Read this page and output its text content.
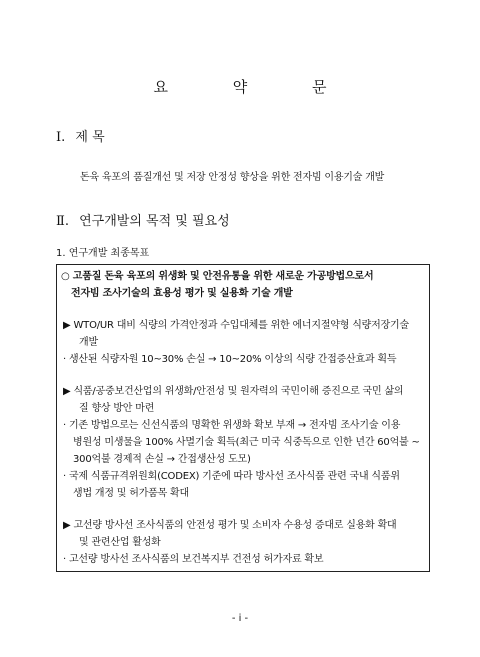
요 약 문
Ⅰ. 제 목
돈육 육포의 품질개선 및 저장 안정성 향상을 위한 전자빔 이용기술 개발
Ⅱ. 연구개발의 목적 및 필요성
1. 연구개발 최종목표
○ 고품질 돈육 육포의 위생화 및 안전유통을 위한 새로운 가공방법으로서
전자빔 조사기술의 효용성 평가 및 실용화 기술 개발
▶ WTO/UR 대비 식량의 가격안정과 수입대체를 위한 에너지절약형 식량저장기술
개발
· 생산된 식량자원 10~30% 손실 → 10~20% 이상의 식량 간접증산효과 획득
▶ 식품/공중보건산업의 위생화/안전성 및 원자력의 국민이해 증진으로 국민 삶의
질 향상 방안 마련
· 기존 방법으로는 신선식품의 명확한 위생화 확보 부재 → 전자빔 조사기술 이용
병원성 미생물을 100% 사멸기술 획득(최근 미국 식중독으로 인한 년간 60억불 ~
300억불 경제적 손실 → 간접생산성 도모)
· 국제 식품규격위원회(CODEX) 기준에 따라 방사선 조사식품 관련 국내 식품위
생법 개정 및 허가품목 확대
▶ 고선량 방사선 조사식품의 안전성 평가 및 소비자 수용성 증대로 실용화 확대
및 관련산업 활성화
· 고선량 방사선 조사식품의 보건복지부 건전성 허가자료 확보
- i -
